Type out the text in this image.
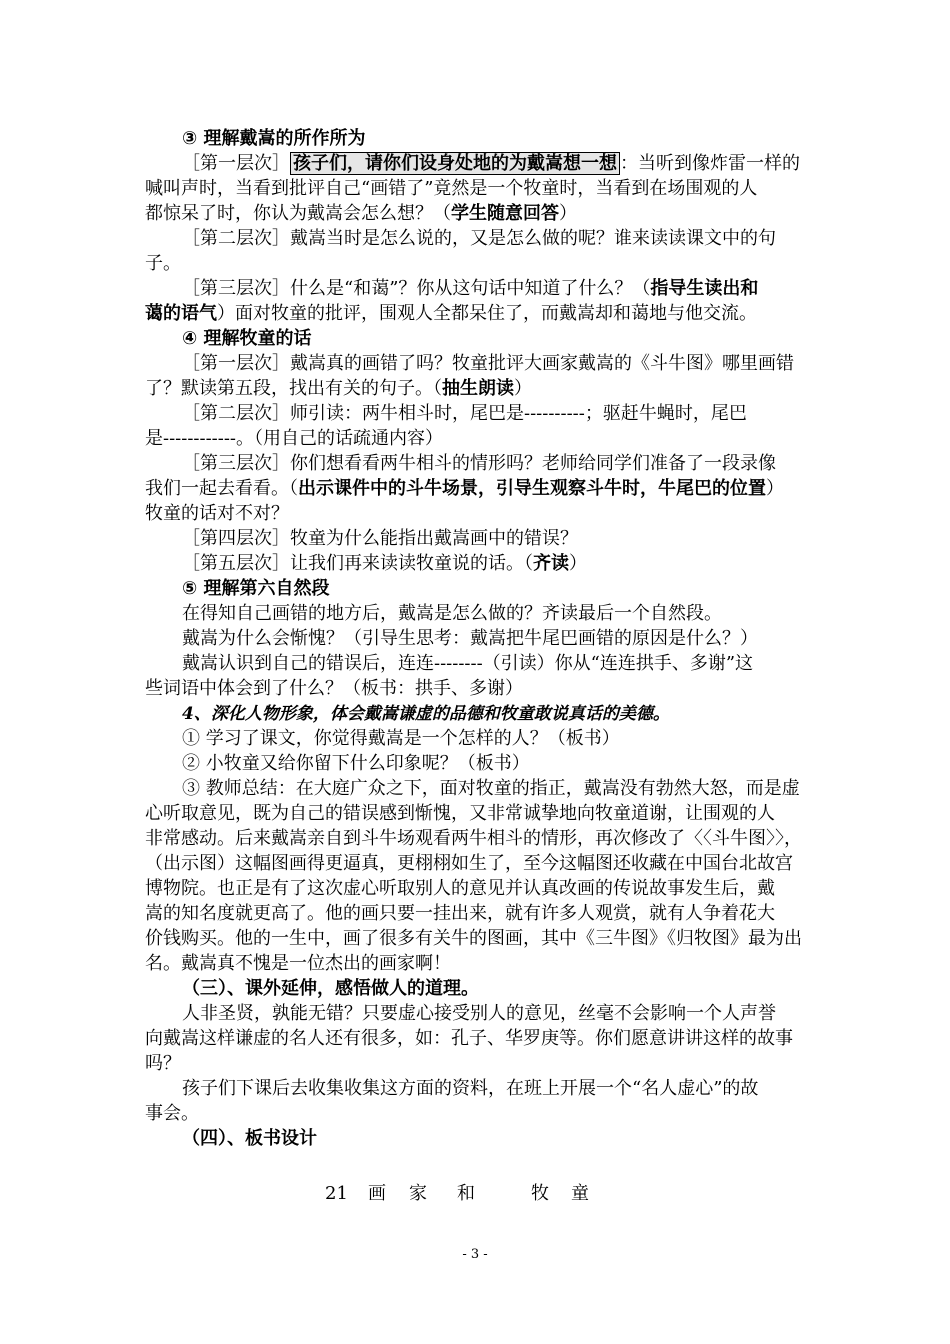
③ 理解戴嵩的所作所为
［第一层次］ 孩子们，请你们设身处地的为戴嵩想一想 ：当听到像炸雷一样的
喊叫声时，当看到批评自己“画错了”竟然是一个牧童时，当看到在场围观的人
都惊呆了时，你认为戴嵩会怎么想？（学生随意回答）
［第二层次］戴嵩当时是怎么说的，又是怎么做的呢？谁来读读课文中的句
子。
［第三层次］什么是“和蔼”？你从这句话中知道了什么？（指导生读出和
蔼的语气）面对牧童的批评，围观人全都呆住了，而戴嵩却和蔼地与他交流。
④ 理解牧童的话
［第一层次］戴嵩真的画错了吗？牧童批评大画家戴嵩的《斗牛图》哪里画错
了？默读第五段，找出有关的句子。（抽生朗读）
［第二层次］师引读：两牛相斗时，尾巴是----------；驱赶牛蝇时，尾巴
是------------。（用自己的话疏通内容）
［第三层次］你们想看看两牛相斗的情形吗？老师给同学们准备了一段录像
我们一起去看看。（出示课件中的斗牛场景，引导生观察斗牛时，牛尾巴的位置）
牧童的话对不对？
［第四层次］牧童为什么能指出戴嵩画中的错误？
［第五层次］让我们再来读读牧童说的话。（齐读）
⑤ 理解第六自然段
在得知自己画错的地方后，戴嵩是怎么做的？齐读最后一个自然段。
戴嵩为什么会惭愧？（引导生思考：戴嵩把牛尾巴画错的原因是什么？）
戴嵩认识到自己的错误后，连连--------（引读）你从“连连拱手、多谢”这
些词语中体会到了什么？（板书：拱手、多谢）
4、深化人物形象，体会戴嵩谦虚的品德和牧童敢说真话的美德。
① 学习了课文，你觉得戴嵩是一个怎样的人？（板书）
② 小牧童又给你留下什么印象呢？（板书）
③ 教师总结：在大庭广众之下，面对牧童的指正，戴嵩没有勃然大怒，而是虚
心听取意见，既为自己的错误感到惭愧，又非常诚挚地向牧童道谢，让围观的人
非常感动。后来戴嵩亲自到斗牛场观看两牛相斗的情形，再次修改了〈〈斗牛图〉〉，
（出示图）这幅图画得更逼真，更栩栩如生了，至今这幅图还收藏在中国台北故宫
博物院。也正是有了这次虚心听取别人的意见并认真改画的传说故事发生后，戴
嵩的知名度就更高了。他的画只要一挂出来，就有许多人观赏，就有人争着花大
价钱购买。他的一生中，画了很多有关牛的图画，其中《三牛图》《归牧图》最为出
名。戴嵩真不愧是一位杰出的画家啊！
（三）、课外延伸，感悟做人的道理。
人非圣贤，孰能无错？只要虚心接受别人的意见，丝毫不会影响一个人声誉
向戴嵩这样谦虚的名人还有很多，如：孔子、华罗庚等。你们愿意讲讲这样的故事
吗？
孩子们下课后去收集收集这方面的资料，在班上开展一个“名人虚心”的故
事会。
（四）、板书设计
21 画 家 和	牧 童
- 3 -
